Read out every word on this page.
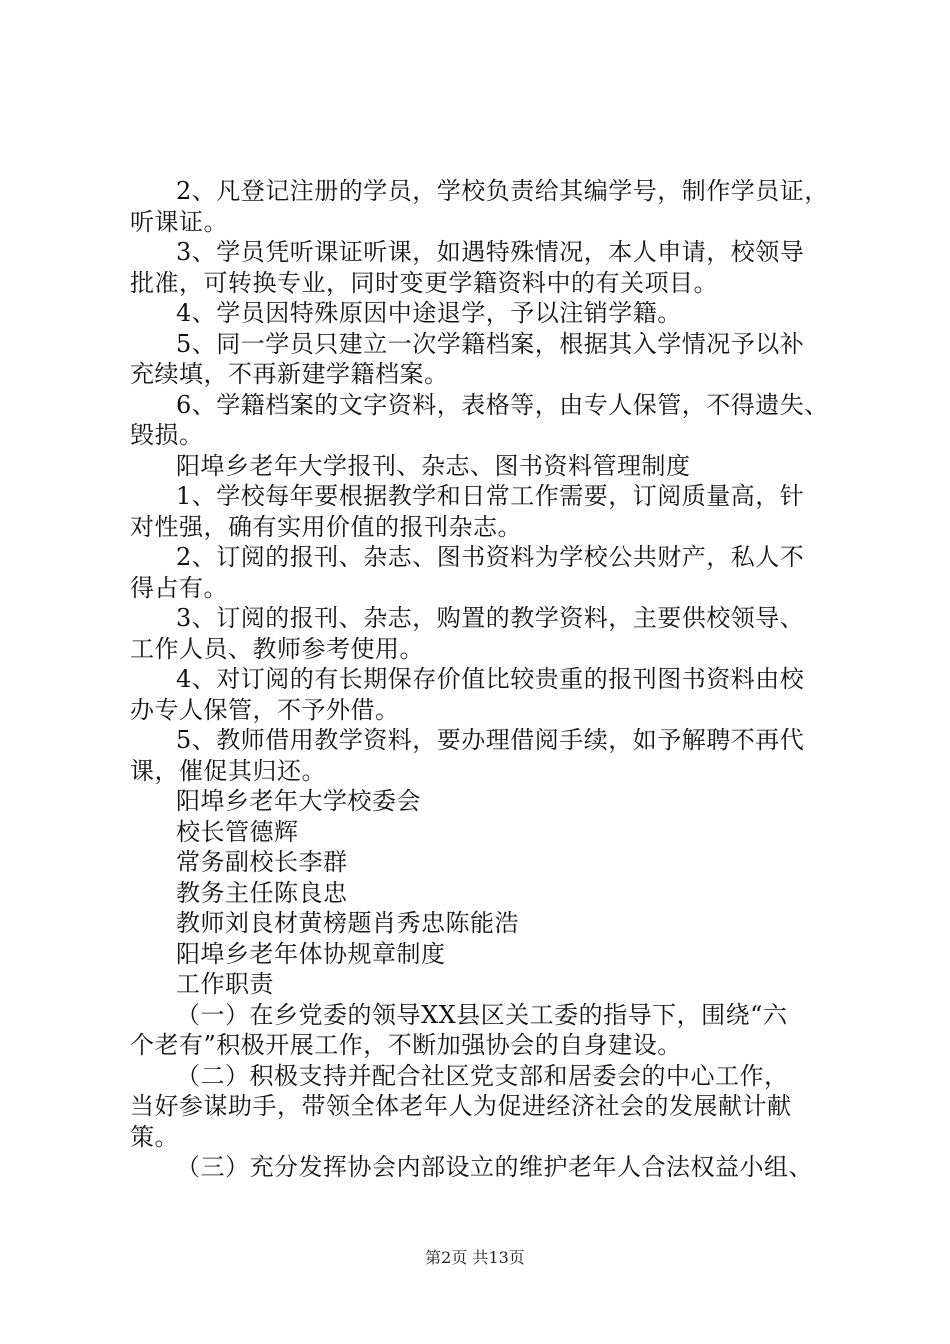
2、凡登记注册的学员，学校负责给其编学号，制作学员证，
听课证。
3、学员凭听课证听课，如遇特殊情况，本人申请，校领导
批准，可转换专业，同时变更学籍资料中的有关项目。
4、学员因特殊原因中途退学，予以注销学籍。
5、同一学员只建立一次学籍档案，根据其入学情况予以补
充续填，不再新建学籍档案。
6、学籍档案的文字资料，表格等，由专人保管，不得遗失、
毁损。
阳埠乡老年大学报刊、杂志、图书资料管理制度
1、学校每年要根据教学和日常工作需要，订阅质量高，针
对性强，确有实用价值的报刊杂志。
2、订阅的报刊、杂志、图书资料为学校公共财产，私人不
得占有。
3、订阅的报刊、杂志，购置的教学资料，主要供校领导、
工作人员、教师参考使用。
4、对订阅的有长期保存价值比较贵重的报刊图书资料由校
办专人保管，不予外借。
5、教师借用教学资料，要办理借阅手续，如予解聘不再代
课，催促其归还。
阳埠乡老年大学校委会
校长管德辉
常务副校长李群
教务主任陈良忠
教师刘良材黄榜题肖秀忠陈能浩
阳埠乡老年体协规章制度
工作职责
（一）在乡党委的领导XX县区关工委的指导下，围绕“六
个老有”积极开展工作，不断加强协会的自身建设。
（二）积极支持并配合社区党支部和居委会的中心工作，
当好参谋助手，带领全体老年人为促进经济社会的发展献计献
策。
（三）充分发挥协会内部设立的维护老年人合法权益小组、
第2页 共13页
